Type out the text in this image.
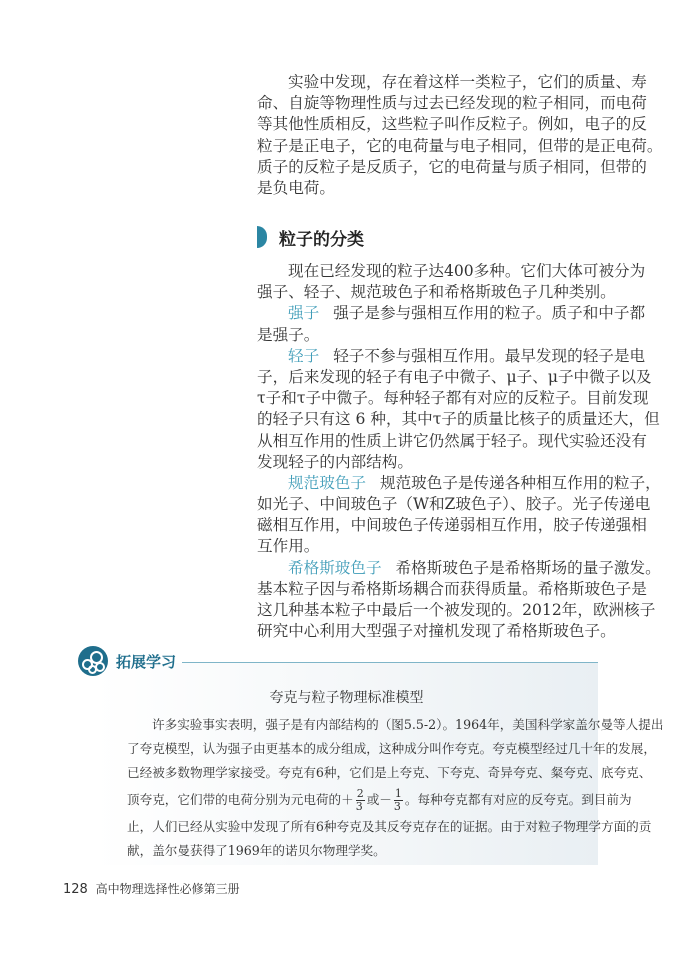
实验中发现，存在着这样一类粒子，它们的质量、寿
命、自旋等物理性质与过去已经发现的粒子相同，而电荷
等其他性质相反，这些粒子叫作反粒子。例如，电子的反
粒子是正电子，它的电荷量与电子相同，但带的是正电荷。
质子的反粒子是反质子，它的电荷量与质子相同，但带的
是负电荷。
粒子的分类
现在已经发现的粒子达400多种。它们大体可被分为
强子、轻子、规范玻色子和希格斯玻色子几种类别。
强子 强子是参与强相互作用的粒子。质子和中子都
是强子。
轻子 轻子不参与强相互作用。最早发现的轻子是电
子，后来发现的轻子有电子中微子、μ子、μ子中微子以及
τ子和τ子中微子。每种轻子都有对应的反粒子。目前发现
的轻子只有这 6 种，其中τ子的质量比核子的质量还大，但
从相互作用的性质上讲它仍然属于轻子。现代实验还没有
发现轻子的内部结构。
规范玻色子 规范玻色子是传递各种相互作用的粒子，
如光子、中间玻色子（W和Z玻色子）、胶子。光子传递电
磁相互作用，中间玻色子传递弱相互作用，胶子传递强相
互作用。
希格斯玻色子 希格斯玻色子是希格斯场的量子激发。
基本粒子因与希格斯场耦合而获得质量。希格斯玻色子是
这几种基本粒子中最后一个被发现的。2012年，欧洲核子
研究中心利用大型强子对撞机发现了希格斯玻色子。
夸克与粒子物理标准模型
许多实验事实表明，强子是有内部结构的（图5.5-2）。1964年，美国科学家盖尔曼等人提出
了夸克模型，认为强子由更基本的成分组成，这种成分叫作夸克。夸克模型经过几十年的发展，
已经被多数物理学家接受。夸克有6种，它们是上夸克、下夸克、奇异夸克、粲夸克、底夸克、
顶夸克，它们带的电荷分别为元电荷的＋ $\frac{2}{3}$ 或－ $\frac{1}{3}$ 。每种夸克都有对应的反夸克。到目前为
止，人们已经从实验中发现了所有6种夸克及其反夸克存在的证据。由于对粒子物理学方面的贡
献，盖尔曼获得了1969年的诺贝尔物理学奖。
拓展学习
128 高中物理选择性必修第三册
